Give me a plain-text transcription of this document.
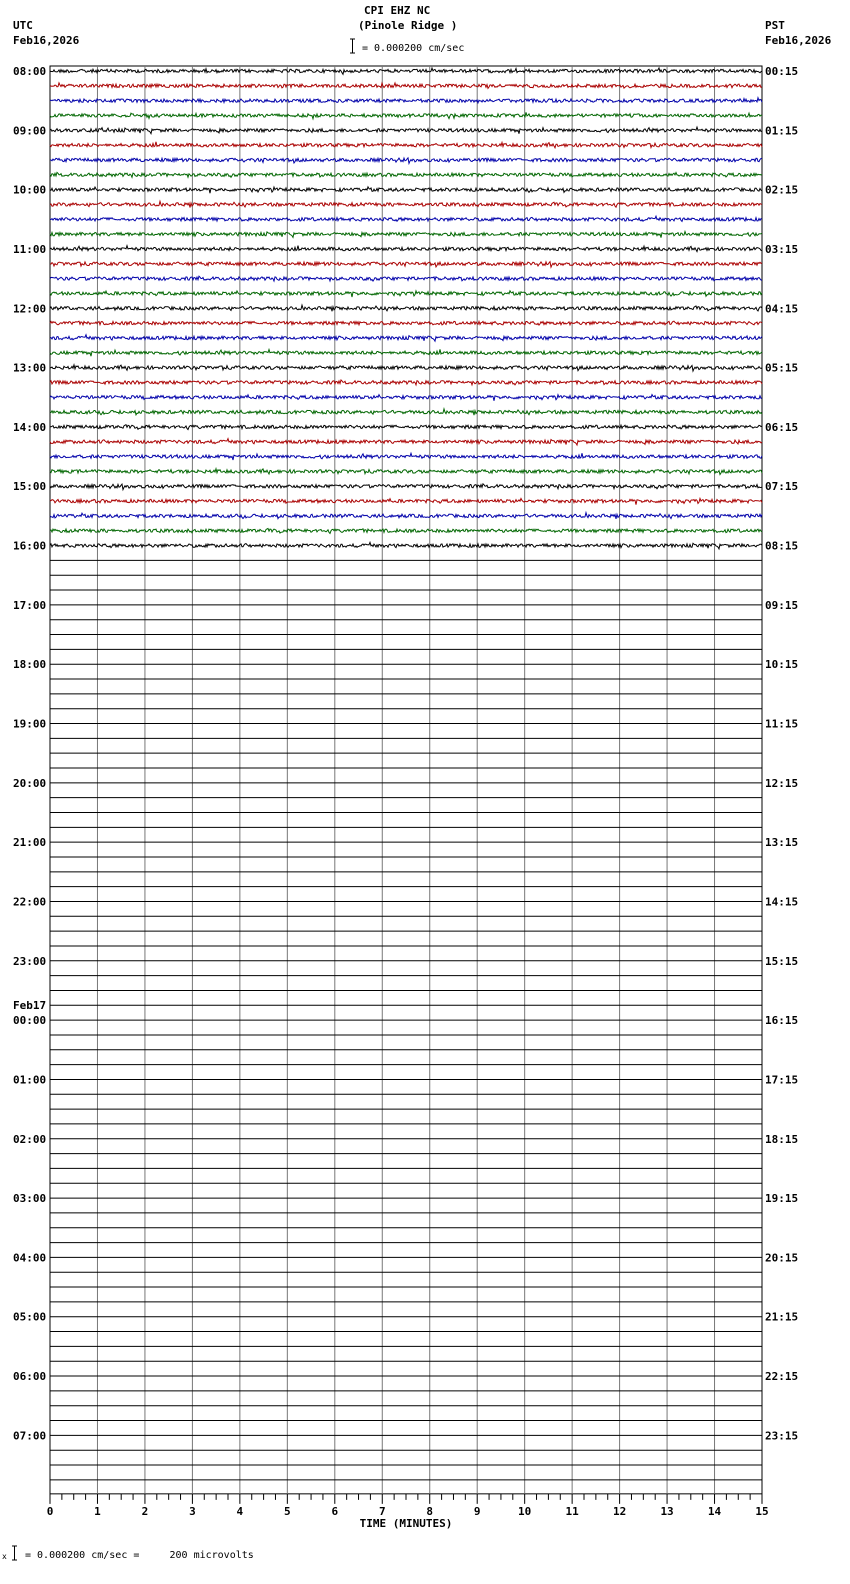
CPI EHZ NC
(Pinole Ridge )
= 0.000200 cm/sec
UTC
Feb16,2026
PST
Feb16,2026
08:00	00:15
09:00	01:15
10:00	02:15
11:00	03:15
12:00	04:15
13:00	05:15
14:00	06:15
15:00	07:15
16:00	08:15
17:00	09:15
18:00	10:15
19:00	11:15
20:00	12:15
21:00	13:15
22:00	14:15
23:00	15:15
00:00	16:15
01:00	17:15
02:00	18:15
03:00	19:15
04:00	20:15
05:00	21:15
06:00	22:15
07:00	23:15
Feb17
0	1	2	3	4	5	6	7	8	9	10	11	12	13	14	15
TIME (MINUTES)
x = 0.000200 cm/sec =     200 microvolts
